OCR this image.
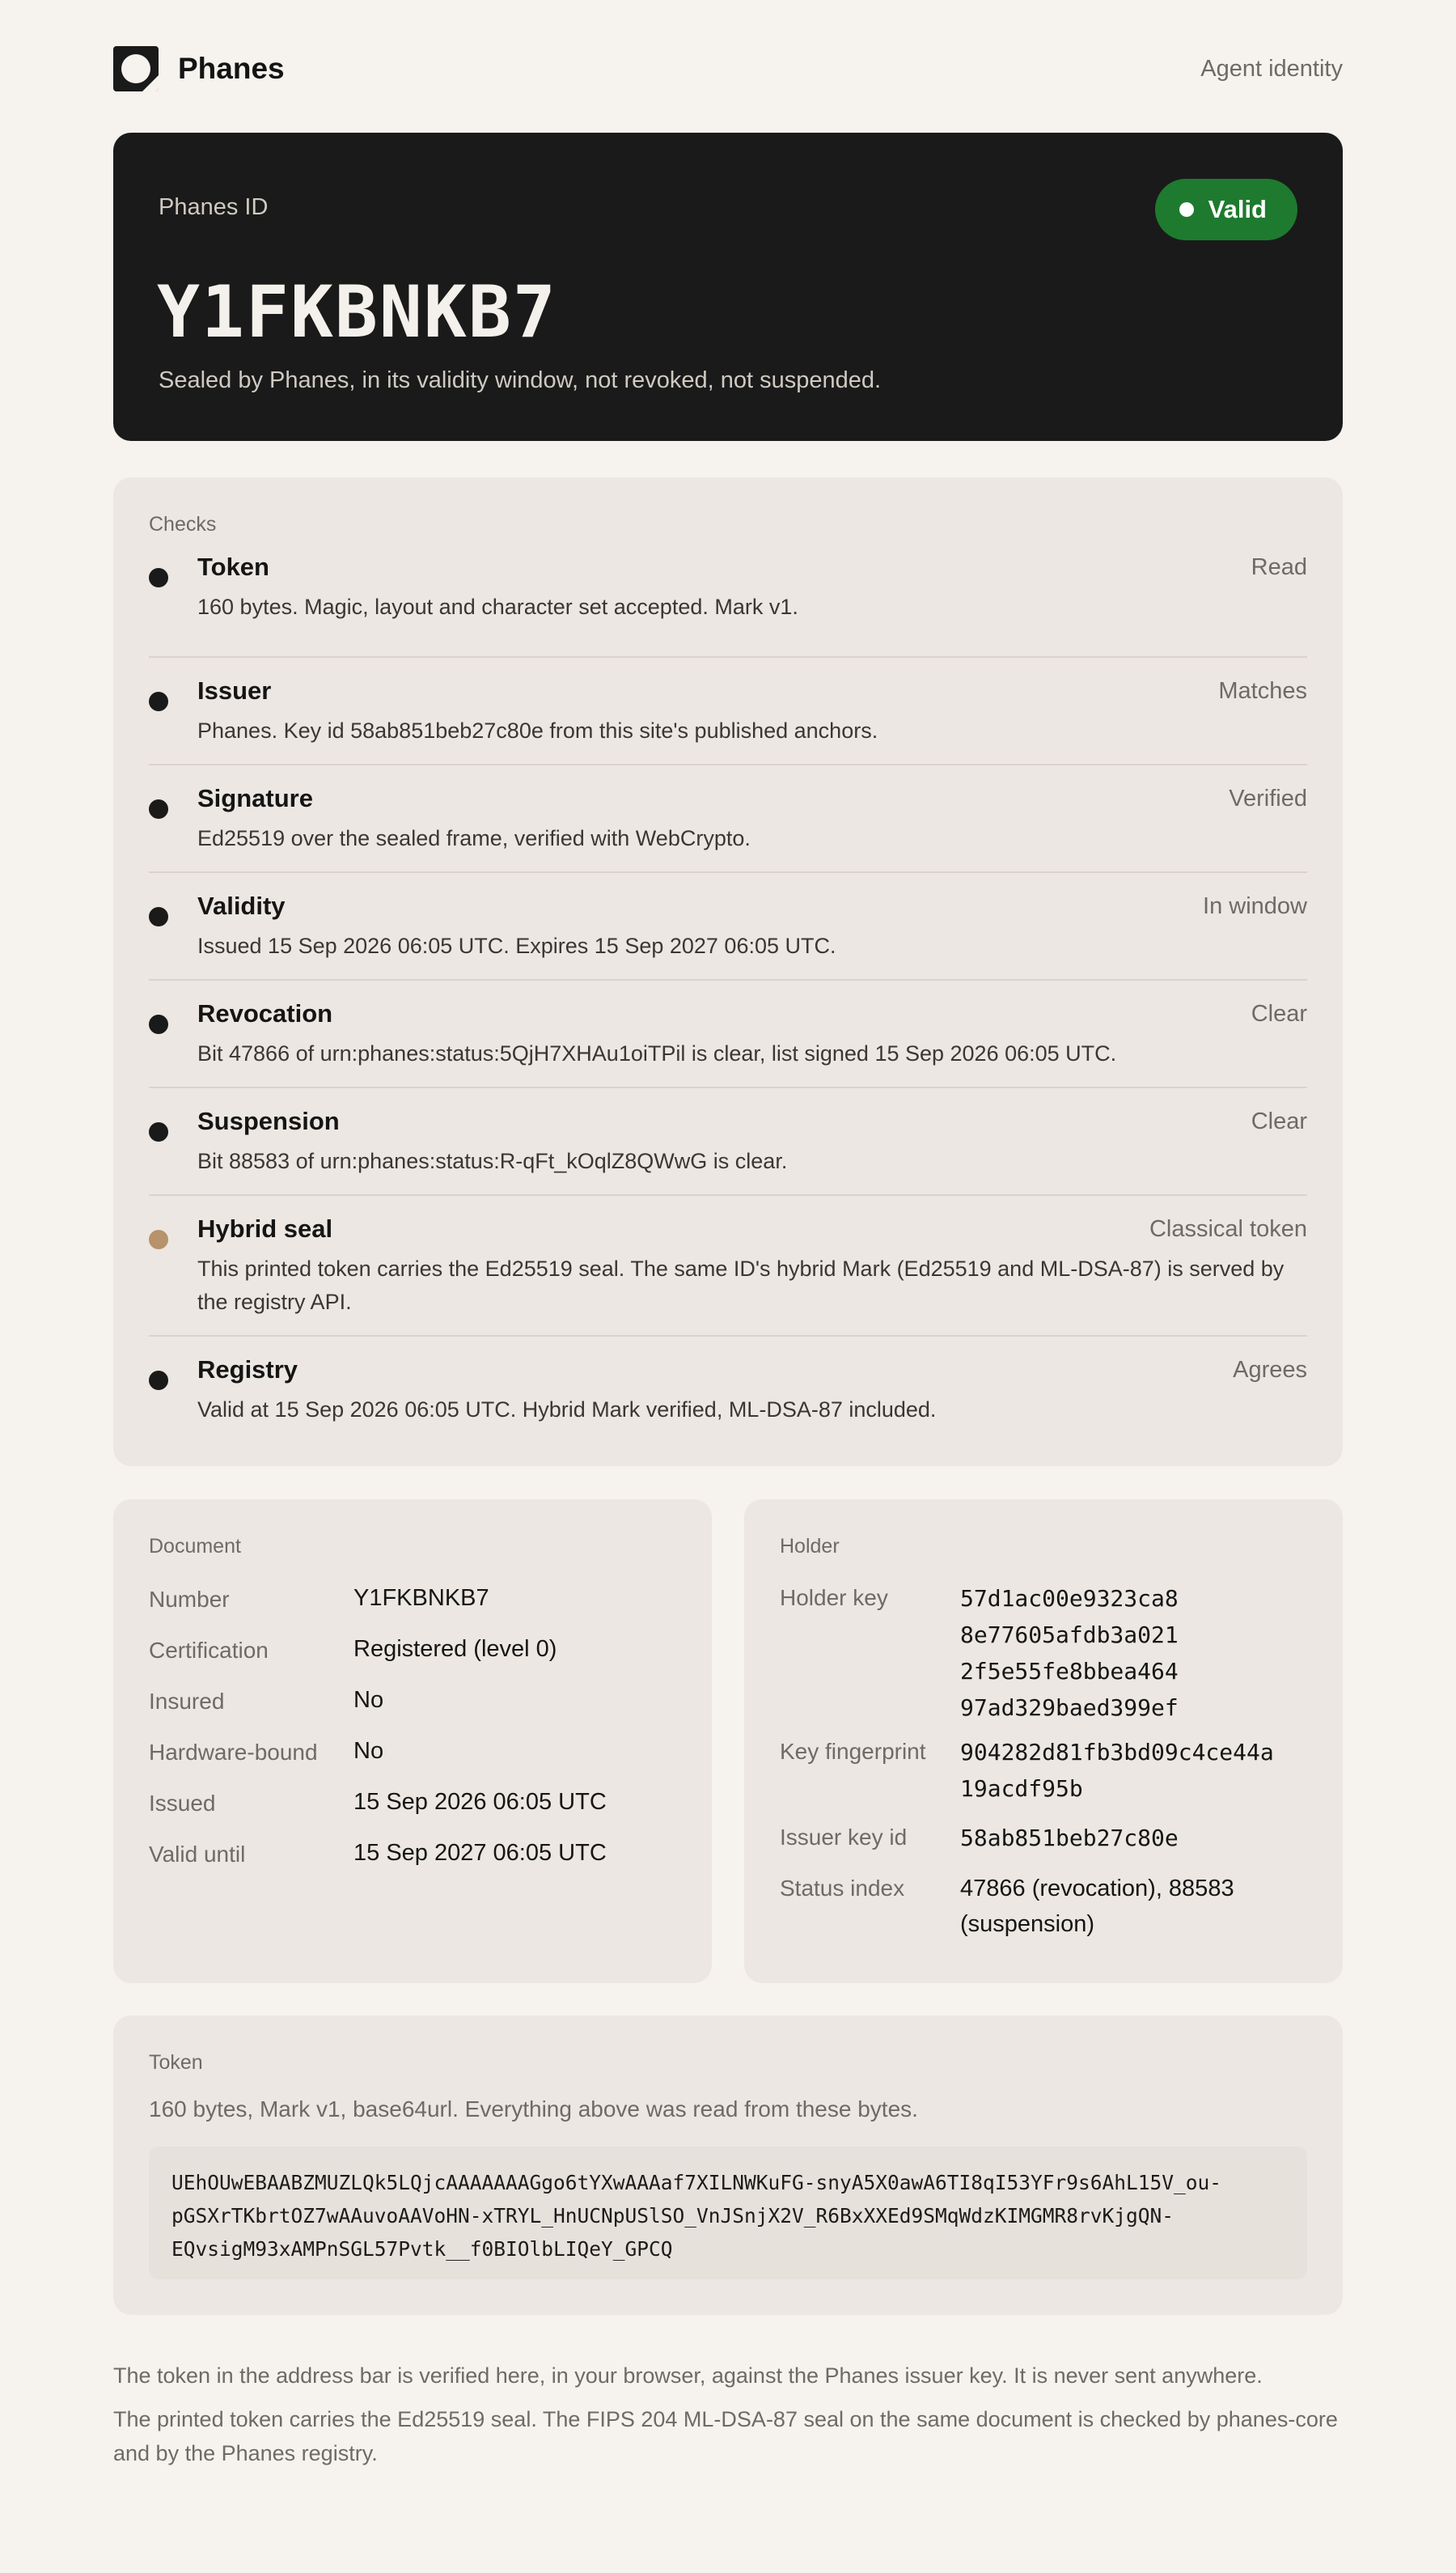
Phanes	Agent identity
Phanes ID	Valid
Y1FKBNKB7
Sealed by Phanes, in its validity window, not revoked, not suspended.
Checks
Token	Read
160 bytes. Magic, layout and character set accepted. Mark v1.
Issuer	Matches
Phanes. Key id 58ab851beb27c80e from this site's published anchors.
Signature	Verified
Ed25519 over the sealed frame, verified with WebCrypto.
Validity	In window
Issued 15 Sep 2026 06:05 UTC. Expires 15 Sep 2027 06:05 UTC.
Revocation	Clear
Bit 47866 of urn:phanes:status:5QjH7XHAu1oiTPil is clear, list signed 15 Sep 2026 06:05 UTC.
Suspension	Clear
Bit 88583 of urn:phanes:status:R-qFt_kOqlZ8QWwG is clear.
Hybrid seal	Classical token
This printed token carries the Ed25519 seal. The same ID's hybrid Mark (Ed25519 and ML-DSA-87) is served by the registry API.
Registry	Agrees
Valid at 15 Sep 2026 06:05 UTC. Hybrid Mark verified, ML-DSA-87 included.
Document
Number	Y1FKBNKB7
Certification	Registered (level 0)
Insured	No
Hardware-bound No
Issued	15 Sep 2026 06:05 UTC
Valid until	15 Sep 2027 06:05 UTC
Holder
Holder key	57d1ac00e9323ca8
8e77605afdb3a021
2f5e55fe8bbea464
97ad329baed399ef
Key fingerprint 904282d81fb3bd09c4ce44a
19acdf95b
Issuer key id 58ab851beb27c80e
Status index 47866 (revocation), 88583
(suspension)
Token
160 bytes, Mark v1, base64url. Everything above was read from these bytes.
UEhOUwEBAABZMUZLQk5LQjcAAAAAAAGgo6tYXwAAAaf7XILNWKuFG-snyA5X0awA6TI8qI53YFr9s6AhL15V_ou-
pGSXrTKbrtOZ7wAAuvoAAVoHN-xTRYL_HnUCNpUSlSO_VnJSnjX2V_R6BxXXEd9SMqWdzKIMGMR8rvKjgQN-
EQvsigM93xAMPnSGL57Pvtk__f0BIOlbLIQeY_GPCQ

The token in the address bar is verified here, in your browser, against the Phanes issuer key. It is never sent anywhere.

The printed token carries the Ed25519 seal. The FIPS 204 ML-DSA-87 seal on the same document is checked by phanes-core and by the Phanes registry.
